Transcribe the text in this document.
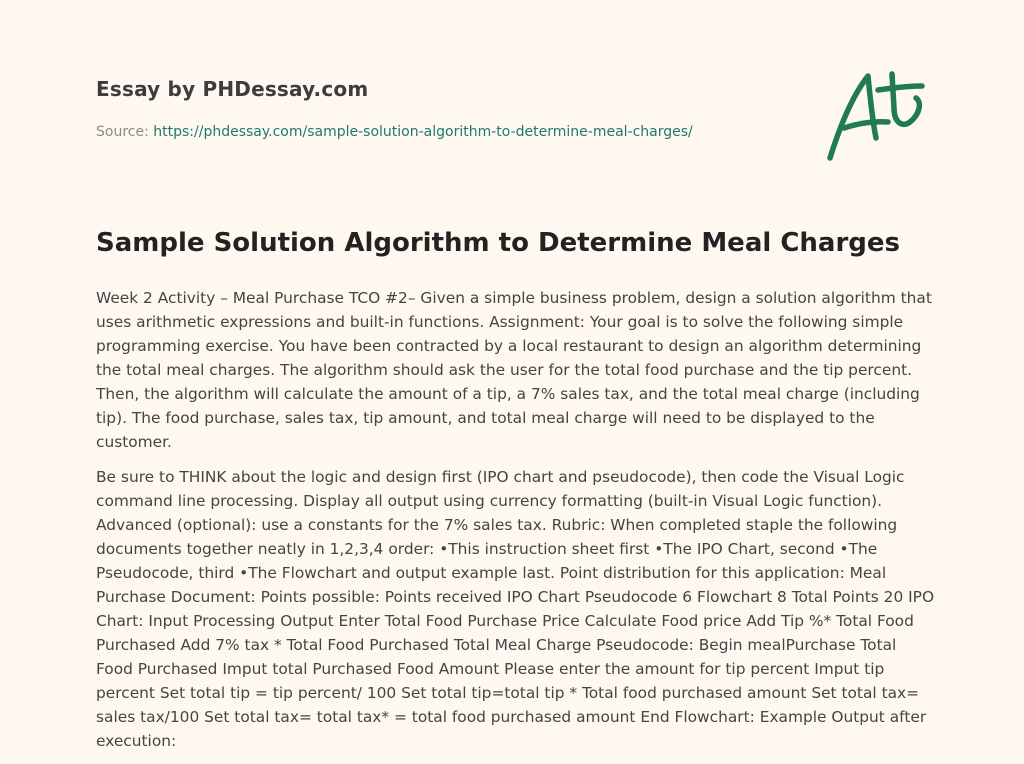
Essay by PHDessay.com
Source: https://phdessay.com/sample-solution-algorithm-to-determine-meal-charges/
Sample Solution Algorithm to Determine Meal Charges

Week 2 Activity – Meal Purchase TCO #2– Given a simple business problem, design a solution algorithm that uses arithmetic expressions and built-in functions. Assignment: Your goal is to solve the following simple programming exercise. You have been contracted by a local restaurant to design an algorithm determining the total meal charges. The algorithm should ask the user for the total food purchase and the tip percent. Then, the algorithm will calculate the amount of a tip, a 7% sales tax, and the total meal charge (including tip). The food purchase, sales tax, tip amount, and total meal charge will need to be displayed to the customer.

Be sure to THINK about the logic and design first (IPO chart and pseudocode), then code the Visual Logic command line processing. Display all output using currency formatting (built-in Visual Logic function). Advanced (optional): use a constants for the 7% sales tax. Rubric: When completed staple the following documents together neatly in 1,2,3,4 order: •This instruction sheet first •The IPO Chart, second •The Pseudocode, third •The Flowchart and output example last. Point distribution for this application: Meal Purchase Document: Points possible: Points received IPO Chart Pseudocode 6 Flowchart 8 Total Points 20 IPO Chart: Input Processing Output Enter Total Food Purchase Price Calculate Food price Add Tip %* Total Food Purchased Add 7% tax * Total Food Purchased Total Meal Charge Pseudocode: Begin mealPurchase Total Food Purchased Imput total Purchased Food Amount Please enter the amount for tip percent Imput tip percent Set total tip = tip percent/ 100 Set total tip=total tip * Total food purchased amount Set total tax= sales tax/100 Set total tax= total tax* = total food purchased amount End Flowchart: Example Output after execution:
